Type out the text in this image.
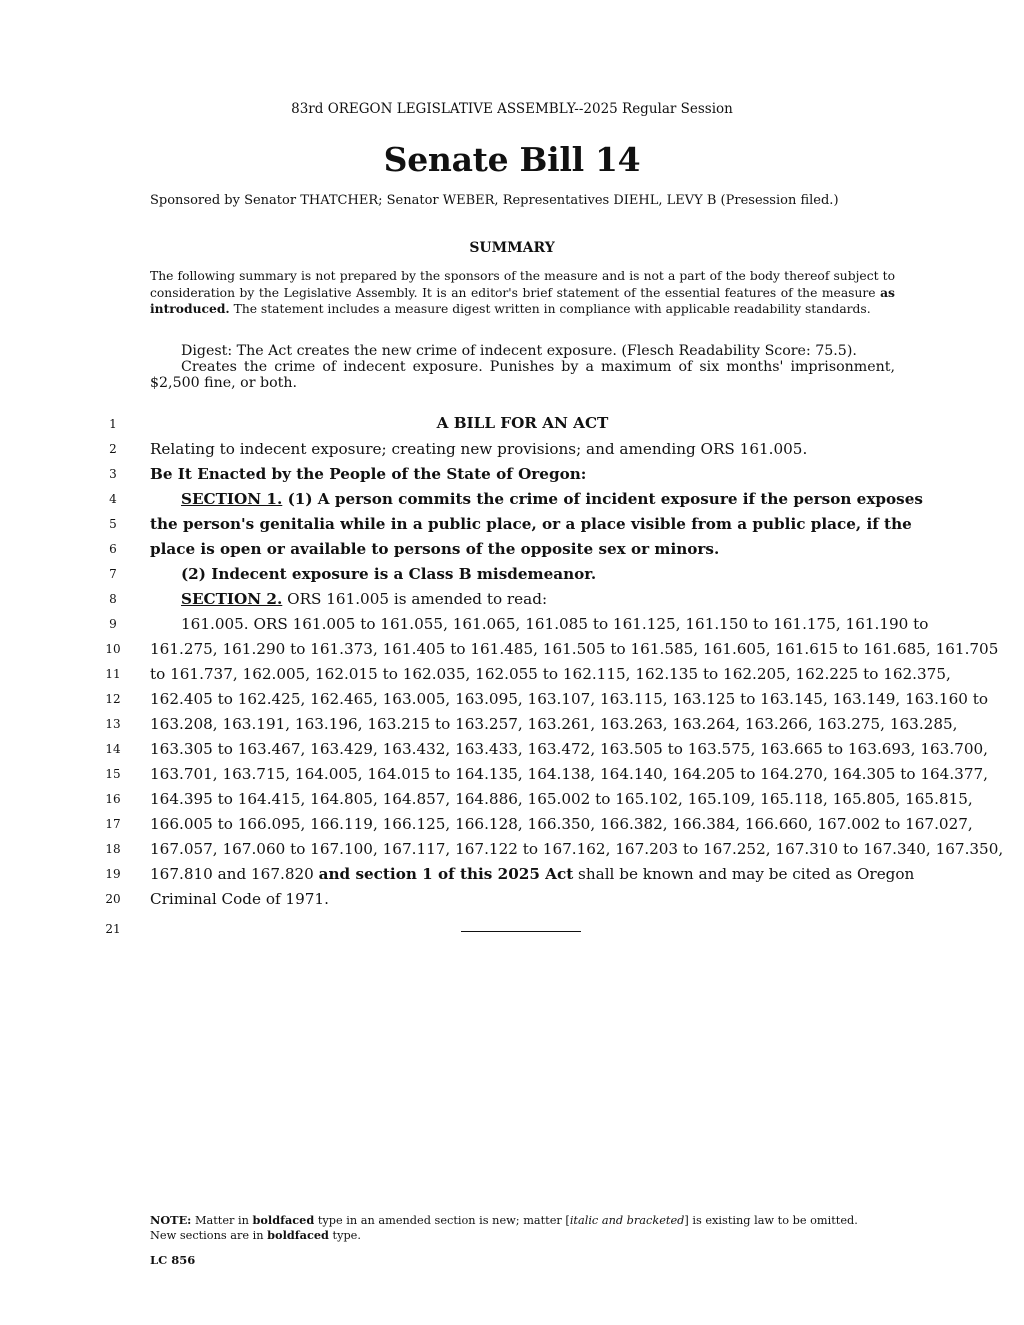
83rd OREGON LEGISLATIVE ASSEMBLY--2025 Regular Session
Senate Bill 14
Sponsored by Senator THATCHER; Senator WEBER, Representatives DIEHL, LEVY B (Presession filed.)
SUMMARY
The following summary is not prepared by the sponsors of the measure and is not a part of the body thereof subject to consideration by the Legislative Assembly. It is an editor's brief statement of the essential features of the measure as introduced. The statement includes a measure digest written in compliance with applicable readability standards.

Digest: The Act creates the new crime of indecent exposure. (Flesch Readability Score: 75.5).

Creates the crime of indecent exposure. Punishes by a maximum of six months' imprisonment, $2,500 fine, or both.

1
2
3
4
5
6
7
8
9
10
11
12
13
14
15
16
17
18
19
20
21
A BILL FOR AN ACT
Relating to indecent exposure; creating new provisions; and amending ORS 161.005.
Be It Enacted by the People of the State of Oregon:
SECTION 1. (1) A person commits the crime of incident exposure if the person exposes
the person's genitalia while in a public place, or a place visible from a public place, if the
place is open or available to persons of the opposite sex or minors.
(2) Indecent exposure is a Class B misdemeanor.
SECTION 2. ORS 161.005 is amended to read:
161.005. ORS 161.005 to 161.055, 161.065, 161.085 to 161.125, 161.150 to 161.175, 161.190 to
161.275, 161.290 to 161.373, 161.405 to 161.485, 161.505 to 161.585, 161.605, 161.615 to 161.685, 161.705
to 161.737, 162.005, 162.015 to 162.035, 162.055 to 162.115, 162.135 to 162.205, 162.225 to 162.375,
162.405 to 162.425, 162.465, 163.005, 163.095, 163.107, 163.115, 163.125 to 163.145, 163.149, 163.160 to
163.208, 163.191, 163.196, 163.215 to 163.257, 163.261, 163.263, 163.264, 163.266, 163.275, 163.285,
163.305 to 163.467, 163.429, 163.432, 163.433, 163.472, 163.505 to 163.575, 163.665 to 163.693, 163.700,
163.701, 163.715, 164.005, 164.015 to 164.135, 164.138, 164.140, 164.205 to 164.270, 164.305 to 164.377,
164.395 to 164.415, 164.805, 164.857, 164.886, 165.002 to 165.102, 165.109, 165.118, 165.805, 165.815,
166.005 to 166.095, 166.119, 166.125, 166.128, 166.350, 166.382, 166.384, 166.660, 167.002 to 167.027,
167.057, 167.060 to 167.100, 167.117, 167.122 to 167.162, 167.203 to 167.252, 167.310 to 167.340, 167.350,
167.810 and 167.820 and section 1 of this 2025 Act shall be known and may be cited as Oregon
Criminal Code of 1971.
NOTE: Matter in boldfaced type in an amended section is new; matter [italic and bracketed] is existing law to be omitted.
New sections are in boldfaced type.
LC 856
